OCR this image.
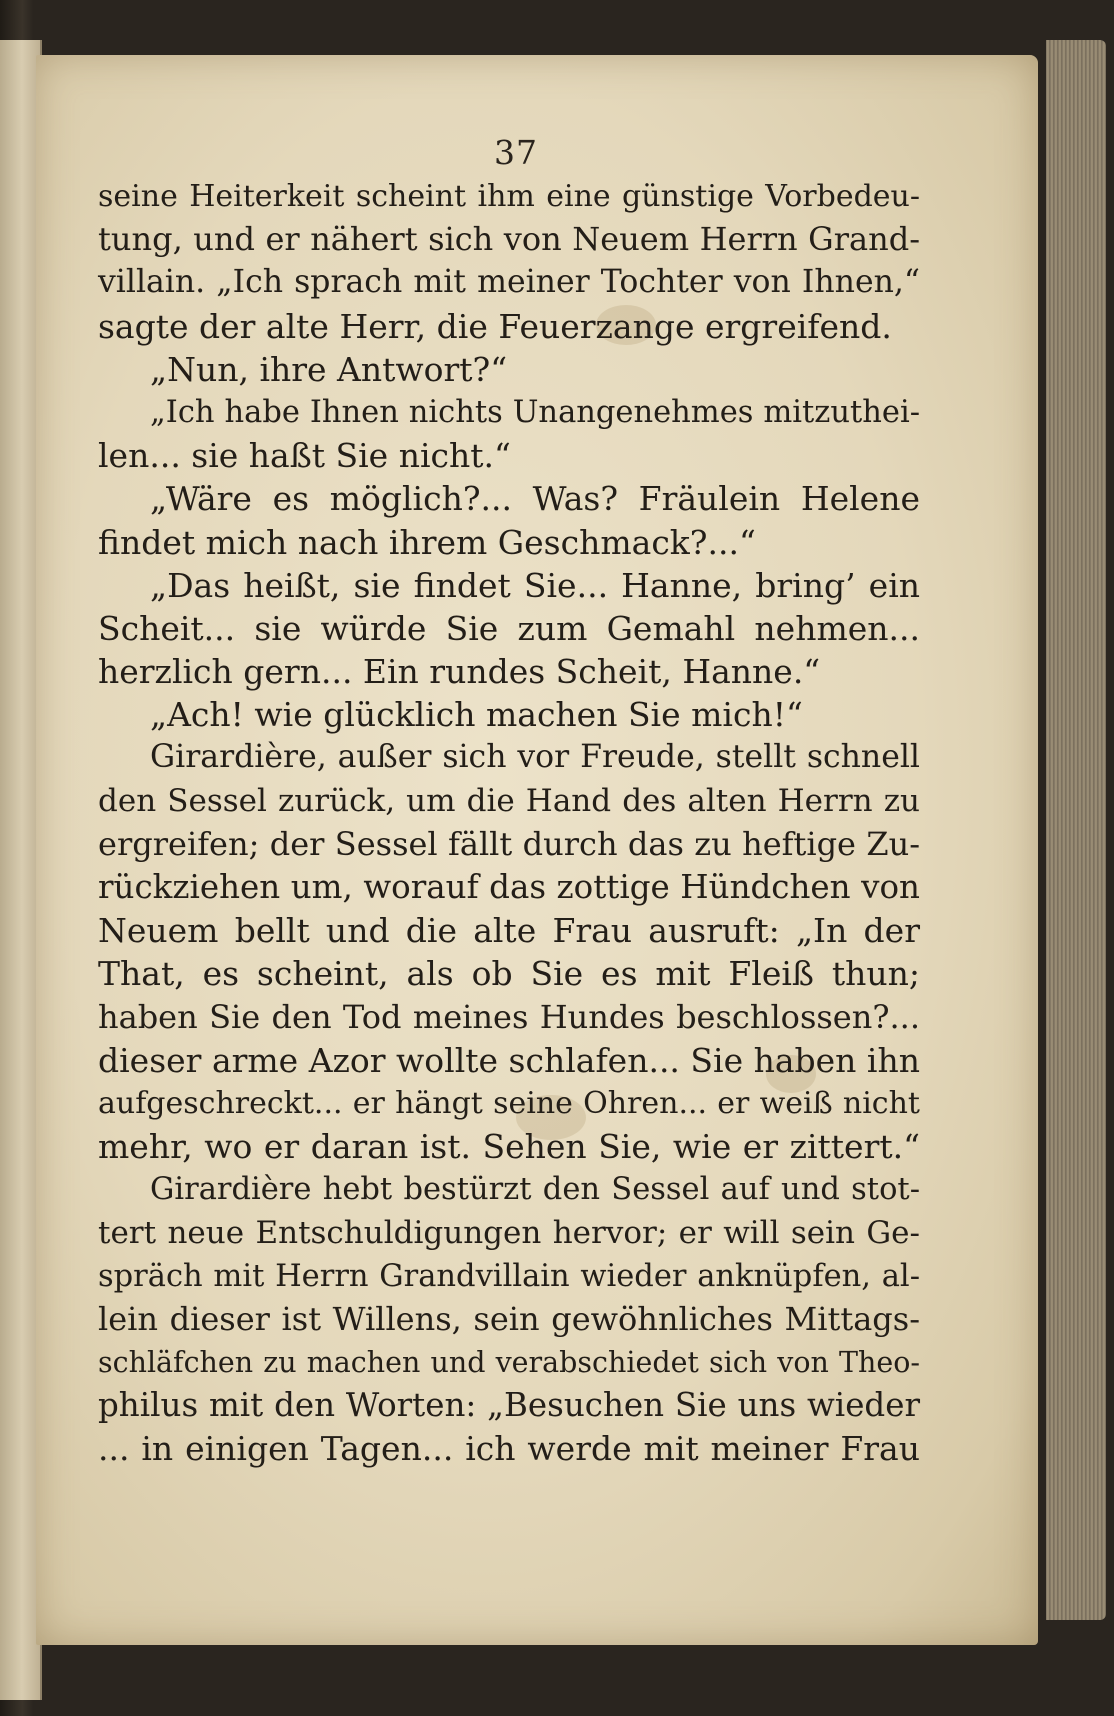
37
seine Heiterkeit scheint ihm eine günstige Vorbedeu-
tung, und er nähert sich von Neuem Herrn Grand-
villain. „Ich sprach mit meiner Tochter von Ihnen,“
sagte der alte Herr, die Feuerzange ergreifend.
„Nun, ihre Antwort?“
„Ich habe Ihnen nichts Unangenehmes mitzuthei-
len... sie haßt Sie nicht.“
„Wäre es möglich?... Was? Fräulein Helene
findet mich nach ihrem Geschmack?...“
„Das heißt, sie findet Sie... Hanne, bring’ ein
Scheit... sie würde Sie zum Gemahl nehmen...
herzlich gern... Ein rundes Scheit, Hanne.“
„Ach! wie glücklich machen Sie mich!“
Girardière, außer sich vor Freude, stellt schnell
den Sessel zurück, um die Hand des alten Herrn zu
ergreifen; der Sessel fällt durch das zu heftige Zu-
rückziehen um, worauf das zottige Hündchen von
Neuem bellt und die alte Frau ausruft: „In der
That, es scheint, als ob Sie es mit Fleiß thun;
haben Sie den Tod meines Hundes beschlossen?...
dieser arme Azor wollte schlafen... Sie haben ihn
aufgeschreckt... er hängt seine Ohren... er weiß nicht
mehr, wo er daran ist. Sehen Sie, wie er zittert.“
Girardière hebt bestürzt den Sessel auf und stot-
tert neue Entschuldigungen hervor; er will sein Ge-
spräch mit Herrn Grandvillain wieder anknüpfen, al-
lein dieser ist Willens, sein gewöhnliches Mittags-
schläfchen zu machen und verabschiedet sich von Theo-
philus mit den Worten: „Besuchen Sie uns wieder
... in einigen Tagen... ich werde mit meiner Frau
